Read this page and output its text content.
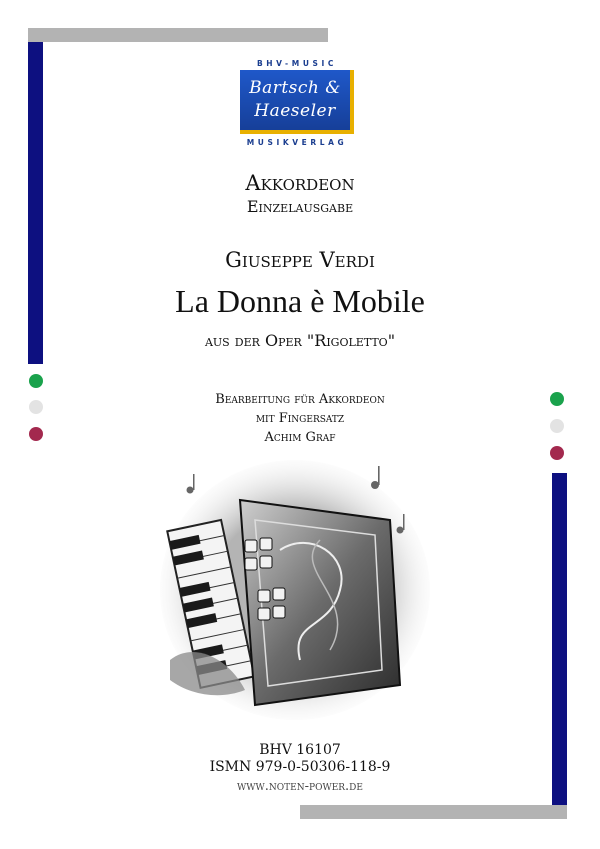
BHV-MUSIC
Bartsch &
Haeseler
MUSIKVERLAG
Akkordeon
Einzelausgabe
Giuseppe Verdi
La Donna è Mobile
aus der Oper "Rigoletto"
Bearbeitung für Akkordeon
mit Fingersatz
Achim Graf
BHV 16107
ISMN 979-0-50306-118-9
www.noten-power.de
